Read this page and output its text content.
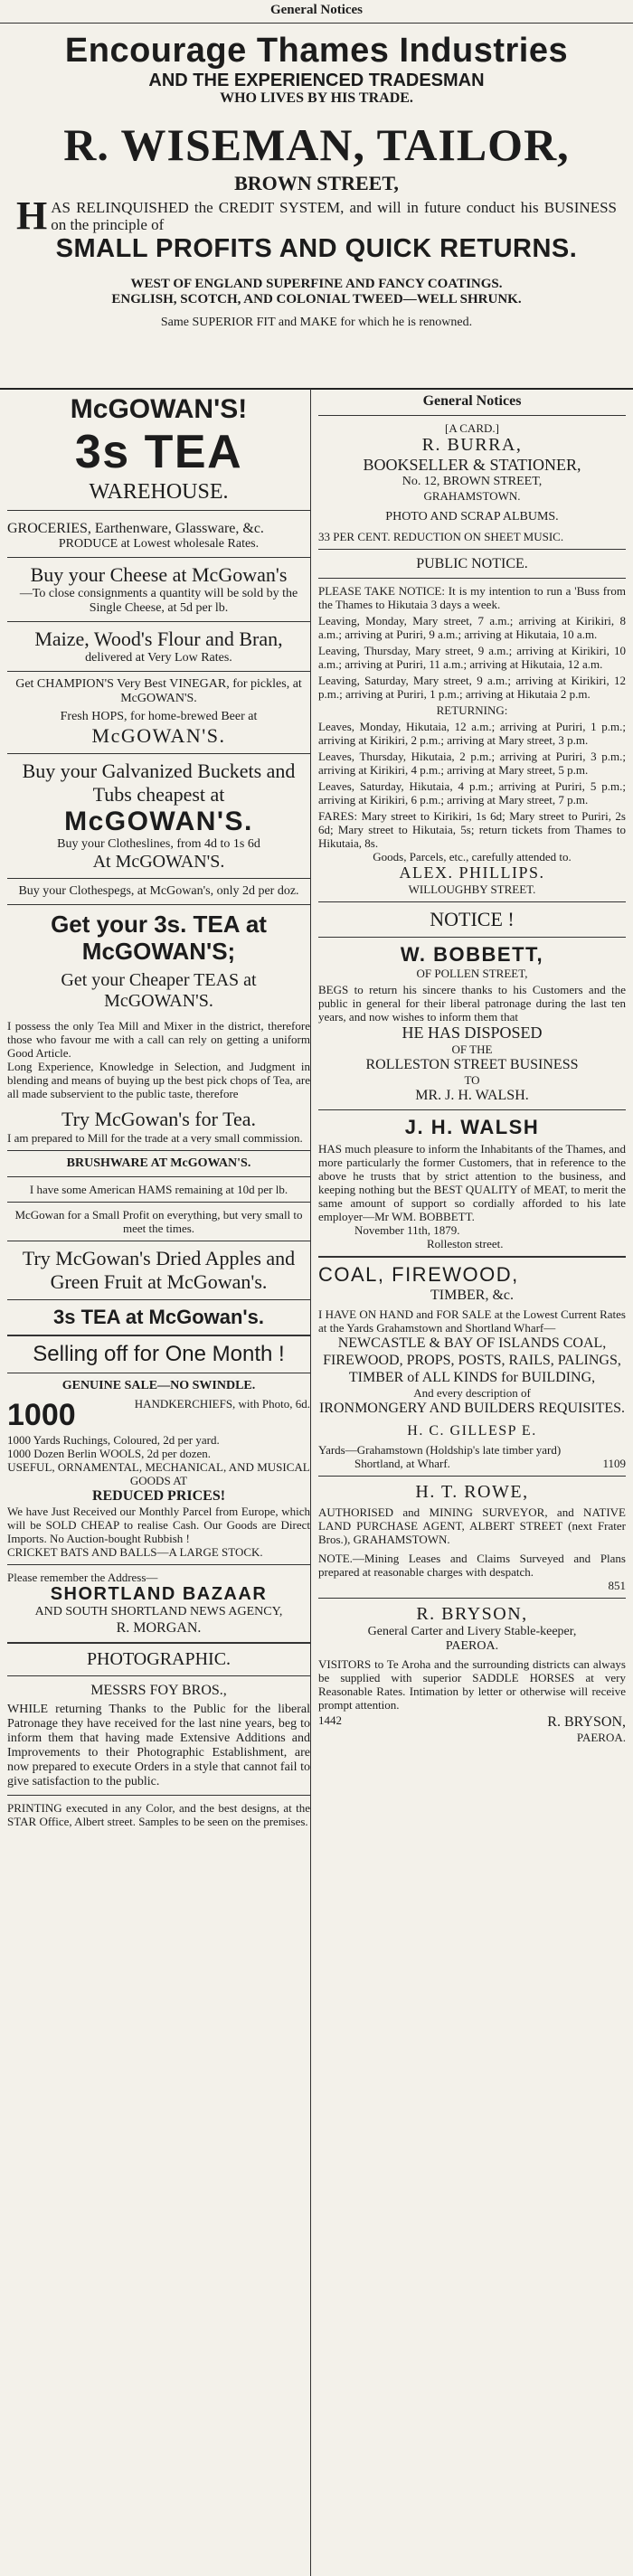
General Notices
Encourage Thames Industries
AND THE EXPERIENCED TRADESMAN
WHO LIVES BY HIS TRADE.
R. WISEMAN, TAILOR,
BROWN STREET,
H AS RELINQUISHED the CREDIT SYSTEM, and will in future conduct his BUSINESS on the principle of
SMALL PROFITS AND QUICK RETURNS.
WEST OF ENGLAND SUPERFINE AND FANCY COATINGS.
ENGLISH, SCOTCH, AND COLONIAL TWEED—WELL SHRUNK.
Same SUPERIOR FIT and MAKE for which he is renowned.
McGOWAN'S!
3s TEA
WAREHOUSE.

GROCERIES, Earthenware, Glassware, &c.

PRODUCE at Lowest wholesale Rates.

Buy your Cheese at McGowan's

—To close consignments a quantity will be sold by the Single Cheese, at 5d per lb.

Maize, Wood's Flour and Bran,

delivered at Very Low Rates.

Get CHAMPION'S Very Best VINEGAR, for pickles, at McGOWAN'S.

Fresh HOPS, for home-brewed Beer at

McGOWAN'S.

Buy your Galvanized Buckets and Tubs cheapest at

McGOWAN'S.

Buy your Clotheslines, from 4d to 1s 6d

At McGOWAN'S.

Buy your Clothespegs, at McGowan's, only 2d per doz.

Get your 3s. TEA at McGOWAN'S;

Get your Cheaper TEAS at McGOWAN'S.

I possess the only Tea Mill and Mixer in the district, therefore those who favour me with a call can rely on getting a uniform Good Article.

Long Experience, Knowledge in Selection, and Judgment in blending and means of buying up the best pick chops of Tea, are all made subservient to the public taste, therefore

Try McGowan's for Tea.

I am prepared to Mill for the trade at a very small commission.

BRUSHWARE AT McGOWAN'S.

I have some American HAMS remaining at 10d per lb.

McGowan for a Small Profit on everything, but very small to meet the times.

Try McGowan's Dried Apples and Green Fruit at McGowan's.

3s TEA at McGowan's.

Selling off for One Month !

GENUINE SALE—NO SWINDLE.

1000	HANDKERCHIEFS, with Photo, 6d.

1000 Yards Ruchings, Coloured, 2d per yard.

1000 Dozen Berlin WOOLS, 2d per dozen.

USEFUL, ORNAMENTAL, MECHANICAL, AND MUSICAL GOODS AT

REDUCED PRICES!

We have Just Received our Monthly Parcel from Europe, which will be SOLD CHEAP to realise Cash. Our Goods are Direct Imports. No Auction-bought Rubbish !

CRICKET BATS AND BALLS—A LARGE STOCK.

Please remember the Address—

SHORTLAND BAZAAR

AND SOUTH SHORTLAND NEWS AGENCY,

R. MORGAN.

PHOTOGRAPHIC.

MESSRS FOY BROS.,

WHILE returning Thanks to the Public for the liberal Patronage they have received for the last nine years, beg to inform them that having made Extensive Additions and Improvements to their Photographic Establishment, are now prepared to execute Orders in a style that cannot fail to give satisfaction to the public.

PRINTING executed in any Color, and the best designs, at the STAR Office, Albert street. Samples to be seen on the premises.

General Notices

[A CARD.]

R. BURRA,

BOOKSELLER & STATIONER,

No. 12, BROWN STREET,

GRAHAMSTOWN.

PHOTO AND SCRAP ALBUMS.

33 PER CENT. REDUCTION ON SHEET MUSIC.

PUBLIC NOTICE.

PLEASE TAKE NOTICE: It is my intention to run a 'Buss from the Thames to Hikutaia 3 days a week.

Leaving, Monday, Mary street, 7 a.m.; arriving at Kirikiri, 8 a.m.; arriving at Puriri, 9 a.m.; arriving at Hikutaia, 10 a.m.

Leaving, Thursday, Mary street, 9 a.m.; arriving at Kirikiri, 10 a.m.; arriving at Puriri, 11 a.m.; arriving at Hikutaia, 12 a.m.

Leaving, Saturday, Mary street, 9 a.m.; arriving at Kirikiri, 12 p.m.; arriving at Puriri, 1 p.m.; arriving at Hikutaia 2 p.m.

RETURNING:

Leaves, Monday, Hikutaia, 12 a.m.; arriving at Puriri, 1 p.m.; arriving at Kirikiri, 2 p.m.; arriving at Mary street, 3 p.m.

Leaves, Thursday, Hikutaia, 2 p.m.; arriving at Puriri, 3 p.m.; arriving at Kirikiri, 4 p.m.; arriving at Mary street, 5 p.m.

Leaves, Saturday, Hikutaia, 4 p.m.; arriving at Puriri, 5 p.m.; arriving at Kirikiri, 6 p.m.; arriving at Mary street, 7 p.m.

FARES: Mary street to Kirikiri, 1s 6d; Mary street to Puriri, 2s 6d; Mary street to Hikutaia, 5s; return tickets from Thames to Hikutaia, 8s.

Goods, Parcels, etc., carefully attended to.

ALEX. PHILLIPS.

WILLOUGHBY STREET.

NOTICE !

W. BOBBETT,

OF POLLEN STREET,

BEGS to return his sincere thanks to his Customers and the public in general for their liberal patronage during the last ten years, and now wishes to inform them that

HE HAS DISPOSED

OF THE

ROLLESTON STREET BUSINESS

TO

MR. J. H. WALSH.

J. H. WALSH

HAS much pleasure to inform the Inhabitants of the Thames, and more particularly the former Customers, that in reference to the above he trusts that by strict attention to the business, and keeping nothing but the BEST QUALITY of MEAT, to merit the same amount of support so cordially afforded to his late employer—Mr WM. BOBBETT.

November 11th, 1879.

Rolleston street.

COAL, FIREWOOD,

TIMBER, &c.

I HAVE ON HAND and FOR SALE at the Lowest Current Rates at the Yards Grahamstown and Shortland Wharf—

NEWCASTLE & BAY OF ISLANDS COAL,

FIREWOOD, PROPS, POSTS, RAILS, PALINGS,

TIMBER of ALL KINDS for BUILDING,

And every description of

IRONMONGERY AND BUILDERS REQUISITES.

H. C. GILLESP E.

Yards—Grahamstown (Holdship's late timber yard)

Shortland, at Wharf.	1109

H. T. ROWE,

AUTHORISED and MINING SURVEYOR, and NATIVE LAND PURCHASE AGENT, ALBERT STREET (next Frater Bros.), GRAHAMSTOWN.

NOTE.—Mining Leases and Claims Surveyed and Plans prepared at reasonable charges with despatch.

851

R. BRYSON,

General Carter and Livery Stable-keeper,

PAEROA.

VISITORS to Te Aroha and the surrounding districts can always be supplied with superior SADDLE HORSES at very Reasonable Rates. Intimation by letter or otherwise will receive prompt attention.

1442	R. BRYSON,

PAEROA.
